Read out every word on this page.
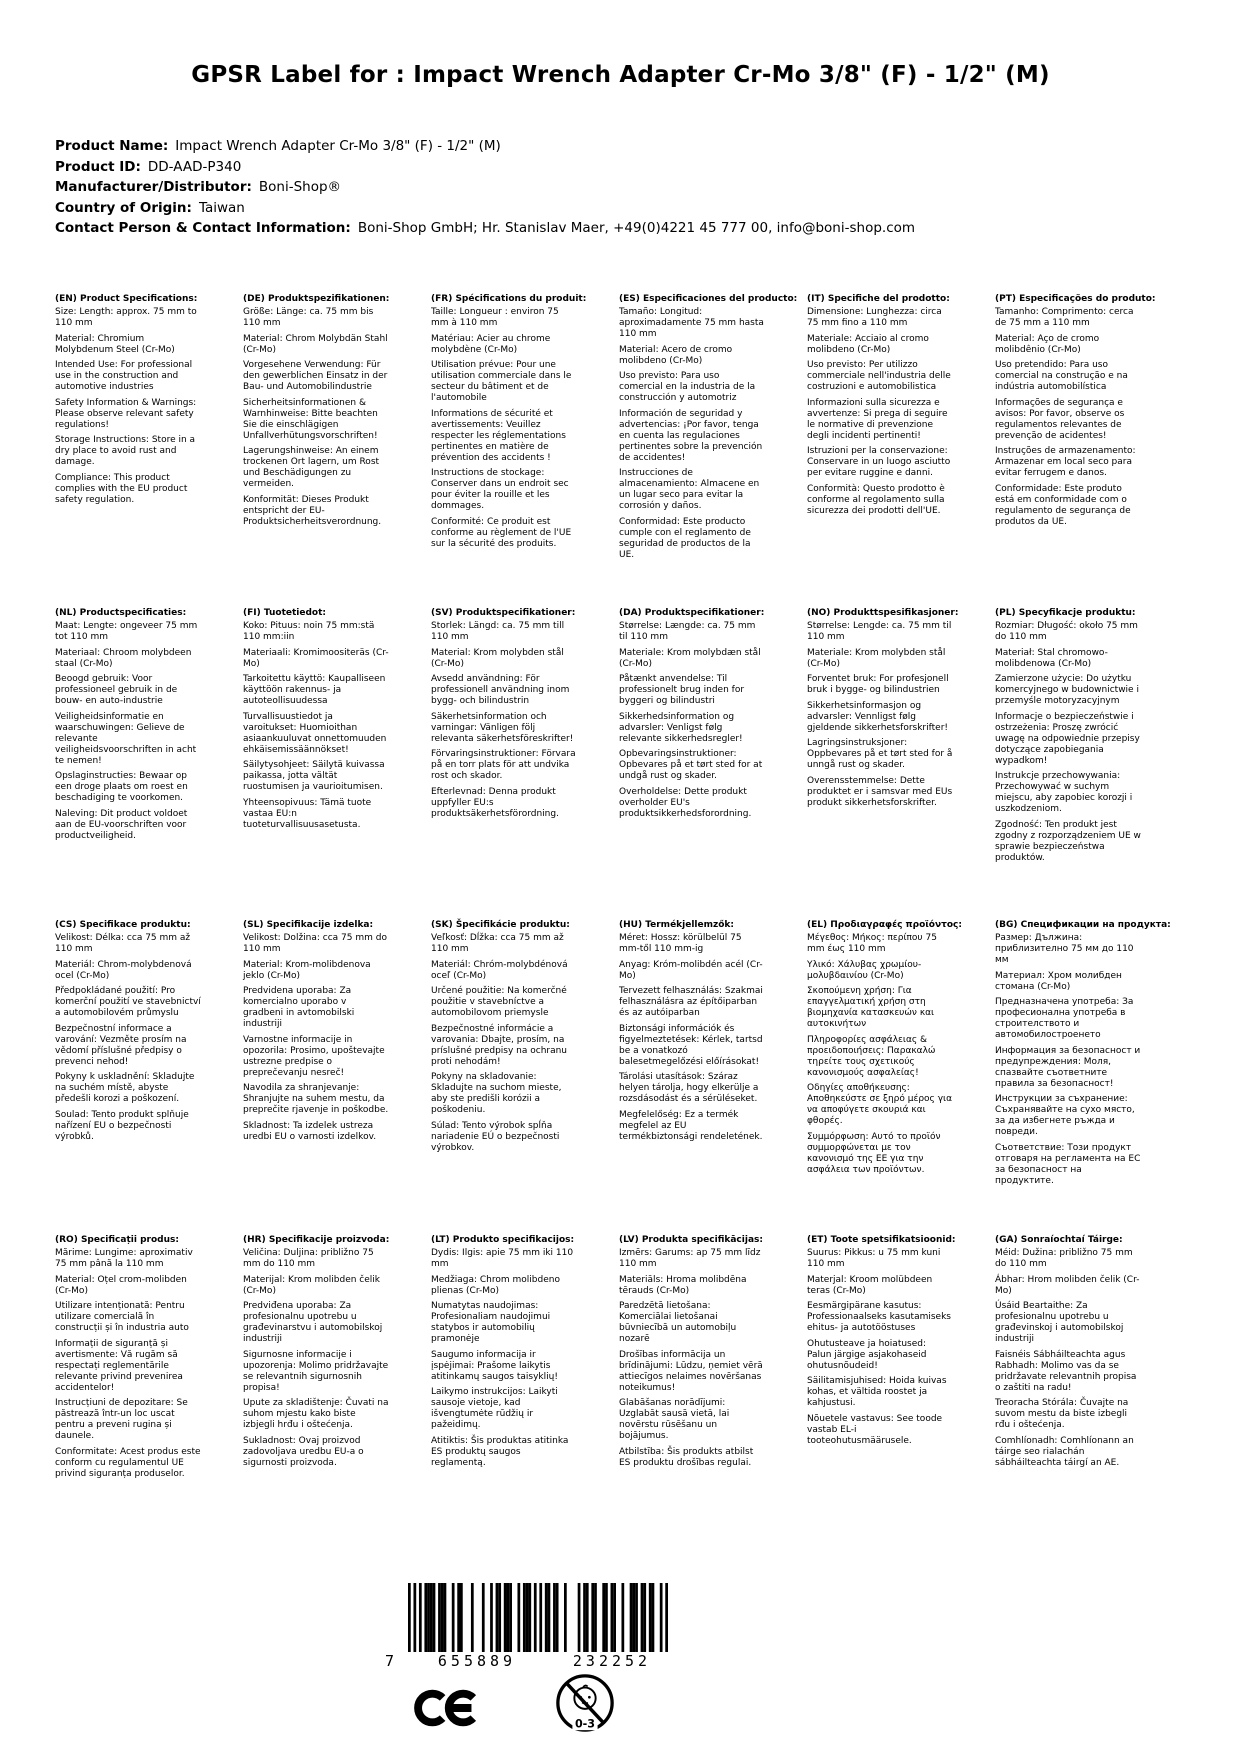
GPSR Label for : Impact Wrench Adapter Cr-Mo 3/8" (F) - 1/2" (M)
Product Name: Impact Wrench Adapter Cr-Mo 3/8" (F) - 1/2" (M)
Product ID: DD-AAD-P340
Manufacturer/Distributor: Boni-Shop®
Country of Origin: Taiwan
Contact Person & Contact Information: Boni-Shop GmbH; Hr. Stanislav Maer, +49(0)4221 45 777 00, info@boni-shop.com
(EN) Product Specifications:

Size: Length: approx. 75 mm to 110 mm

Material: Chromium Molybdenum Steel (Cr-Mo)

Intended Use: For professional use in the construction and automotive industries

Safety Information & Warnings: Please observe relevant safety regulations!

Storage Instructions: Store in a dry place to avoid rust and damage.

Compliance: This product complies with the EU product safety regulation.

(DE) Produktspezifikationen:

Größe: Länge: ca. 75 mm bis 110 mm

Material: Chrom Molybdän Stahl (Cr-Mo)

Vorgesehene Verwendung: Für den gewerblichen Einsatz in der Bau- und Automobilindustrie

Sicherheitsinformationen & Warnhinweise: Bitte beachten Sie die einschlägigen Unfallverhütungsvorschriften!

Lagerungshinweise: An einem trockenen Ort lagern, um Rost und Beschädigungen zu vermeiden.

Konformität: Dieses Produkt entspricht der EU-Produktsicherheitsverordnung.

(FR) Spécifications du produit:

Taille: Longueur : environ 75 mm à 110 mm

Matériau: Acier au chrome molybdène (Cr-Mo)

Utilisation prévue: Pour une utilisation commerciale dans le secteur du bâtiment et de l'automobile

Informations de sécurité et avertissements: Veuillez respecter les réglementations pertinentes en matière de prévention des accidents !

Instructions de stockage: Conserver dans un endroit sec pour éviter la rouille et les dommages.

Conformité: Ce produit est conforme au règlement de l'UE sur la sécurité des produits.

(ES) Especificaciones del producto:

Tamaño: Longitud: aproximadamente 75 mm hasta 110 mm

Material: Acero de cromo molibdeno (Cr-Mo)

Uso previsto: Para uso comercial en la industria de la construcción y automotriz

Información de seguridad y advertencias: ¡Por favor, tenga en cuenta las regulaciones pertinentes sobre la prevención de accidentes!

Instrucciones de almacenamiento: Almacene en un lugar seco para evitar la corrosión y daños.

Conformidad: Este producto cumple con el reglamento de seguridad de productos de la UE.

(IT) Specifiche del prodotto:

Dimensione: Lunghezza: circa 75 mm fino a 110 mm

Materiale: Acciaio al cromo molibdeno (Cr-Mo)

Uso previsto: Per utilizzo commerciale nell'industria delle costruzioni e automobilistica

Informazioni sulla sicurezza e avvertenze: Si prega di seguire le normative di prevenzione degli incidenti pertinenti!

Istruzioni per la conservazione: Conservare in un luogo asciutto per evitare ruggine e danni.

Conformità: Questo prodotto è conforme al regolamento sulla sicurezza dei prodotti dell'UE.

(PT) Especificações do produto:

Tamanho: Comprimento: cerca de 75 mm a 110 mm

Material: Aço de cromo molibdênio (Cr-Mo)

Uso pretendido: Para uso comercial na construção e na indústria automobilística

Informações de segurança e avisos: Por favor, observe os regulamentos relevantes de prevenção de acidentes!

Instruções de armazenamento: Armazenar em local seco para evitar ferrugem e danos.

Conformidade: Este produto está em conformidade com o regulamento de segurança de produtos da UE.

(NL) Productspecificaties:

Maat: Lengte: ongeveer 75 mm tot 110 mm

Materiaal: Chroom molybdeen staal (Cr-Mo)

Beoogd gebruik: Voor professioneel gebruik in de bouw- en auto-industrie

Veiligheidsinformatie en waarschuwingen: Gelieve de relevante veiligheidsvoorschriften in acht te nemen!

Opslaginstructies: Bewaar op een droge plaats om roest en beschadiging te voorkomen.

Naleving: Dit product voldoet aan de EU-voorschriften voor productveiligheid.

(FI) Tuotetiedot:

Koko: Pituus: noin 75 mm:stä 110 mm:iin

Materiaali: Kromimoositeräs (Cr-Mo)

Tarkoitettu käyttö: Kaupalliseen käyttöön rakennus- ja autoteollisuudessa

Turvallisuustiedot ja varoitukset: Huomioithan asiaankuuluvat onnettomuuden ehkäisemissäännökset!

Säilytysohjeet: Säilytä kuivassa paikassa, jotta vältät ruostumisen ja vaurioitumisen.

Yhteensopivuus: Tämä tuote vastaa EU:n tuoteturvallisuusasetusta.

(SV) Produktspecifikationer:

Storlek: Längd: ca. 75 mm till 110 mm

Material: Krom molybden stål (Cr-Mo)

Avsedd användning: För professionell användning inom bygg- och bilindustrin

Säkerhetsinformation och varningar: Vänligen följ relevanta säkerhetsföreskrifter!

Förvaringsinstruktioner: Förvara på en torr plats för att undvika rost och skador.

Efterlevnad: Denna produkt uppfyller EU:s produktsäkerhetsförordning.

(DA) Produktspecifikationer:

Størrelse: Længde: ca. 75 mm til 110 mm

Materiale: Krom molybdæn stål (Cr-Mo)

Påtænkt anvendelse: Til professionelt brug inden for byggeri og bilindustri

Sikkerhedsinformation og advarsler: Venligst følg relevante sikkerhedsregler!

Opbevaringsinstruktioner: Opbevares på et tørt sted for at undgå rust og skader.

Overholdelse: Dette produkt overholder EU's produktsikkerhedsforordning.

(NO) Produkttspesifikasjoner:

Størrelse: Lengde: ca. 75 mm til 110 mm

Materiale: Krom molybden stål (Cr-Mo)

Forventet bruk: For profesjonell bruk i bygge- og bilindustrien

Sikkerhetsinformasjon og advarsler: Vennligst følg gjeldende sikkerhetsforskrifter!

Lagringsinstruksjoner: Oppbevares på et tørt sted for å unngå rust og skader.

Overensstemmelse: Dette produktet er i samsvar med EUs produkt sikkerhetsforskrifter.

(PL) Specyfikacje produktu:

Rozmiar: Długość: około 75 mm do 110 mm

Materiał: Stal chromowo-molibdenowa (Cr-Mo)

Zamierzone użycie: Do użytku komercyjnego w budownictwie i przemyśle motoryzacyjnym

Informacje o bezpieczeństwie i ostrzeżenia: Proszę zwrócić uwagę na odpowiednie przepisy dotyczące zapobiegania wypadkom!

Instrukcje przechowywania: Przechowywać w suchym miejscu, aby zapobiec korozji i uszkodzeniom.

Zgodność: Ten produkt jest zgodny z rozporządzeniem UE w sprawie bezpieczeństwa produktów.

(CS) Specifikace produktu:

Velikost: Délka: cca 75 mm až 110 mm

Materiál: Chrom-molybdenová ocel (Cr-Mo)

Předpokládané použití: Pro komerční použití ve stavebnictví a automobilovém průmyslu

Bezpečnostní informace a varování: Vezměte prosím na vědomí příslušné předpisy o prevenci nehod!

Pokyny k uskladnění: Skladujte na suchém místě, abyste předešli korozi a poškození.

Soulad: Tento produkt splňuje nařízení EU o bezpečnosti výrobků.

(SL) Specifikacije izdelka:

Velikost: Dolžina: cca 75 mm do 110 mm

Material: Krom-molibdenova jeklo (Cr-Mo)

Predvidena uporaba: Za komercialno uporabo v gradbeni in avtomobilski industriji

Varnostne informacije in opozorila: Prosimo, upoštevajte ustrezne predpise o preprečevanju nesreč!

Navodila za shranjevanje: Shranjujte na suhem mestu, da preprečite rjavenje in poškodbe.

Skladnost: Ta izdelek ustreza uredbi EU o varnosti izdelkov.

(SK) Špecifikácie produktu:

Veľkosť: Dĺžka: cca 75 mm až 110 mm

Materiál: Chróm-molybdénová oceľ (Cr-Mo)

Určené použitie: Na komerčné použitie v stavebníctve a automobilovom priemysle

Bezpečnostné informácie a varovania: Dbajte, prosím, na príslušné predpisy na ochranu proti nehodám!

Pokyny na skladovanie: Skladujte na suchom mieste, aby ste predišli korózii a poškodeniu.

Súlad: Tento výrobok spĺňa nariadenie EÚ o bezpečnosti výrobkov.

(HU) Termékjellemzők:

Méret: Hossz: körülbelül 75 mm-től 110 mm-ig

Anyag: Króm-molibdén acél (Cr-Mo)

Tervezett felhasználás: Szakmai felhasználásra az építőiparban és az autóiparban

Biztonsági információk és figyelmeztetések: Kérlek, tartsd be a vonatkozó balesetmegelőzési előírásokat!

Tárolási utasítások: Száraz helyen tárolja, hogy elkerülje a rozsdásodást és a sérüléseket.

Megfelelőség: Ez a termék megfelel az EU termékbiztonsági rendeletének.

(EL) Προδιαγραφές προϊόντος:

Μέγεθος: Μήκος: περίπου 75 mm έως 110 mm

Υλικό: Χάλυβας χρωμίου-μολυβδαινίου (Cr-Mo)

Σκοπούμενη χρήση: Για επαγγελματική χρήση στη βιομηχανία κατασκευών και αυτοκινήτων

Πληροφορίες ασφάλειας & προειδοποιήσεις: Παρακαλώ τηρείτε τους σχετικούς κανονισμούς ασφαλείας!

Οδηγίες αποθήκευσης: Αποθηκεύστε σε ξηρό μέρος για να αποφύγετε σκουριά και φθορές.

Συμμόρφωση: Αυτό το προϊόν συμμορφώνεται με τον κανονισμό της ΕΕ για την ασφάλεια των προϊόντων.

(BG) Спецификации на продукта:

Размер: Дължина: приблизително 75 мм до 110 мм

Материал: Хром молибден стомана (Cr-Mo)

Предназначена употреба: За професионална употреба в строителството и автомобилостроенето

Информация за безопасност и предупреждения: Моля, спазвайте съответните правила за безопасност!

Инструкции за съхранение: Съхранявайте на сухо място, за да избегнете ръжда и повреди.

Съответствие: Този продукт отговаря на регламента на ЕС за безопасност на продуктите.

(RO) Specificații produs:

Mărime: Lungime: aproximativ 75 mm până la 110 mm

Material: Oțel crom-molibden (Cr-Mo)

Utilizare intenționată: Pentru utilizare comercială în construcții și în industria auto

Informații de siguranță și avertismente: Vă rugăm să respectați reglementările relevante privind prevenirea accidentelor!

Instrucțiuni de depozitare: Se păstrează într-un loc uscat pentru a preveni rugina și daunele.

Conformitate: Acest produs este conform cu regulamentul UE privind siguranța produselor.

(HR) Specifikacije proizvoda:

Veličina: Duljina: približno 75 mm do 110 mm

Materijal: Krom molibden čelik (Cr-Mo)

Predviđena uporaba: Za profesionalnu upotrebu u građevinarstvu i automobilskoj industriji

Sigurnosne informacije i upozorenja: Molimo pridržavajte se relevantnih sigurnosnih propisa!

Upute za skladištenje: Čuvati na suhom mjestu kako biste izbjegli hrđu i oštećenja.

Sukladnost: Ovaj proizvod zadovoljava uredbu EU-a o sigurnosti proizvoda.

(LT) Produkto specifikacijos:

Dydis: Ilgis: apie 75 mm iki 110 mm

Medžiaga: Chrom molibdeno plienas (Cr-Mo)

Numatytas naudojimas: Profesionaliam naudojimui statybos ir automobilių pramonėje

Saugumo informacija ir įspėjimai: Prašome laikytis atitinkamų saugos taisyklių!

Laikymo instrukcijos: Laikyti sausoje vietoje, kad išvengtumėte rūdžių ir pažeidimų.

Atitiktis: Šis produktas atitinka ES produktų saugos reglamentą.

(LV) Produkta specifikācijas:

Izmērs: Garums: ap 75 mm līdz 110 mm

Materiāls: Hroma molibdēna tērauds (Cr-Mo)

Paredzētā lietošana: Komerciālai lietošanai būvniecībā un automobiļu nozarē

Drošības informācija un brīdinājumi: Lūdzu, ņemiet vērā attiecīgos nelaimes novēršanas noteikumus!

Glabāšanas norādījumi: Uzglabāt sausā vietā, lai novērstu rūsēšanu un bojājumus.

Atbilstība: Šis produkts atbilst ES produktu drošības regulai.

(ET) Toote spetsifikatsioonid:

Suurus: Pikkus: u 75 mm kuni 110 mm

Materjal: Kroom molübdeen teras (Cr-Mo)

Eesmärgipärane kasutus: Professionaalseks kasutamiseks ehitus- ja autotööstuses

Ohutusteave ja hoiatused: Palun järgige asjakohaseid ohutusnõudeid!

Säilitamisjuhised: Hoida kuivas kohas, et vältida roostet ja kahjustusi.

Nõuetele vastavus: See toode vastab EL-i tooteohutusmäärusele.

(GA) Sonraíochtaí Táirge:

Méid: Dužina: približno 75 mm do 110 mm

Ábhar: Hrom molibden čelik (Cr-Mo)

Úsáid Beartaithe: Za profesionalnu upotrebu u građevinskoj i automobilskoj industriji

Faisnéis Sábháilteachta agus Rabhadh: Molimo vas da se pridržavate relevantnih propisa o zaštiti na radu!

Treoracha Stórála: Čuvajte na suvom mestu da biste izbegli rđu i oštećenja.

Comhlíonadh: Comhlíonann an táirge seo rialachán sábháilteachta táirgí an AE.

7	655889	232252
0-3
